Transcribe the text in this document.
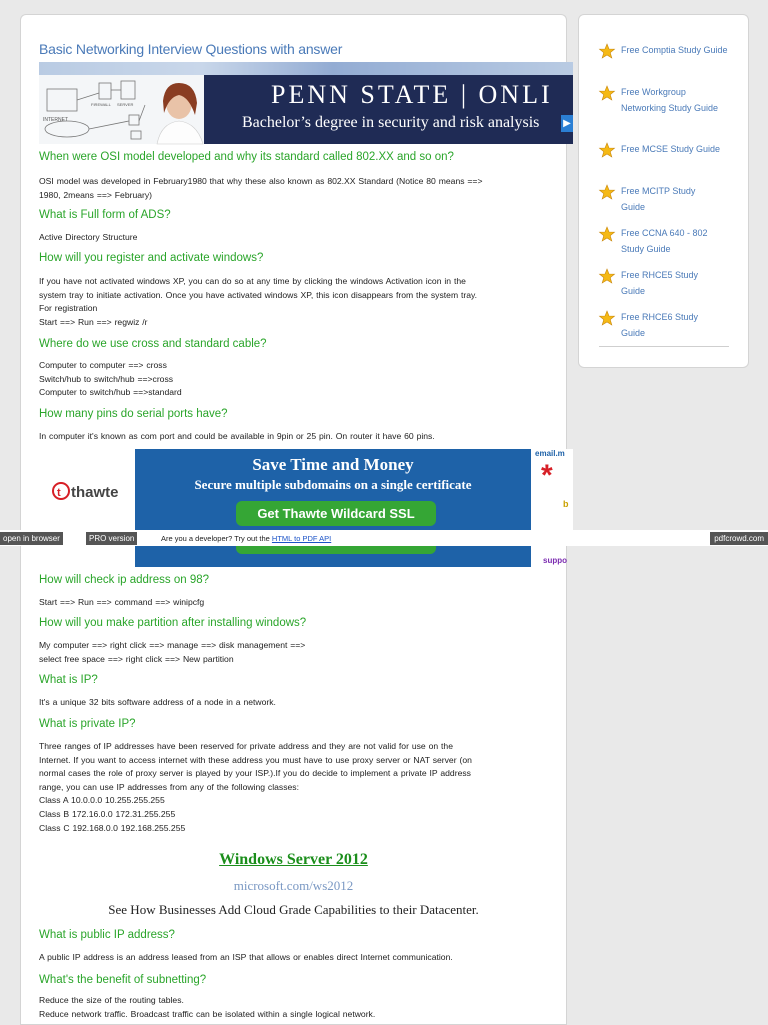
Basic Networking Interview Questions with answer
INTERNET
FIREWALL SERVER	PENN STATE | ONLI
Bachelor’s degree in security and risk analysis ▶
When were OSI model developed and why its standard called 802.XX and so on?
OSI model was developed in February1980 that why these also known as 802.XX Standard (Notice 80 means ==>
1980, 2means ==> February)
What is Full form of ADS?
Active Directory Structure
How will you register and activate windows?
If you have not activated windows XP, you can do so at any time by clicking the windows Activation icon in the
system tray to initiate activation. Once you have activated windows XP, this icon disappears from the system tray.
For registration
Start ==> Run ==> regwiz /r
Where do we use cross and standard cable?
Computer to computer ==> cross
Switch/hub to switch/hub ==>cross
Computer to switch/hub ==>standard
How many pins do serial ports have?
In computer it's known as com port and could be available in 9pin or 25 pin. On router it have 60 pins.
t thawte
Save Time and Money
Secure multiple subdomains on a single certificate
Get Thawte Wildcard SSL
email.m
*
b
Free Comptia Study Guide
Free Workgroup Networking Study Guide
Free MCSE Study Guide
Free MCITP Study Guide
Free CCNA 640 - 802 Study Guide
Free RHCE5 Study Guide
Free RHCE6 Study Guide
open in browser	PRO version	Are you a developer? Try out the HTML to PDF API	pdfcrowd.com
suppo
How will check ip address on 98?
Start ==> Run ==> command ==> winipcfg
How will you make partition after installing windows?
My computer ==> right click ==> manage ==> disk management ==>
select free space ==> right click ==> New partition
What is IP?
It's a unique 32 bits software address of a node in a network.
What is private IP?
Three ranges of IP addresses have been reserved for private address and they are not valid for use on the
Internet. If you want to access internet with these address you must have to use proxy server or NAT server (on
normal cases the role of proxy server is played by your ISP.).If you do decide to implement a private IP address
range, you can use IP addresses from any of the following classes:
Class A 10.0.0.0 10.255.255.255
Class B 172.16.0.0 172.31.255.255
Class C 192.168.0.0 192.168.255.255
Windows Server 2012
microsoft.com/ws2012
See How Businesses Add Cloud Grade Capabilities to their Datacenter.
What is public IP address?
A public IP address is an address leased from an ISP that allows or enables direct Internet communication.
What's the benefit of subnetting?
Reduce the size of the routing tables.
Reduce network traffic. Broadcast traffic can be isolated within a single logical network.
